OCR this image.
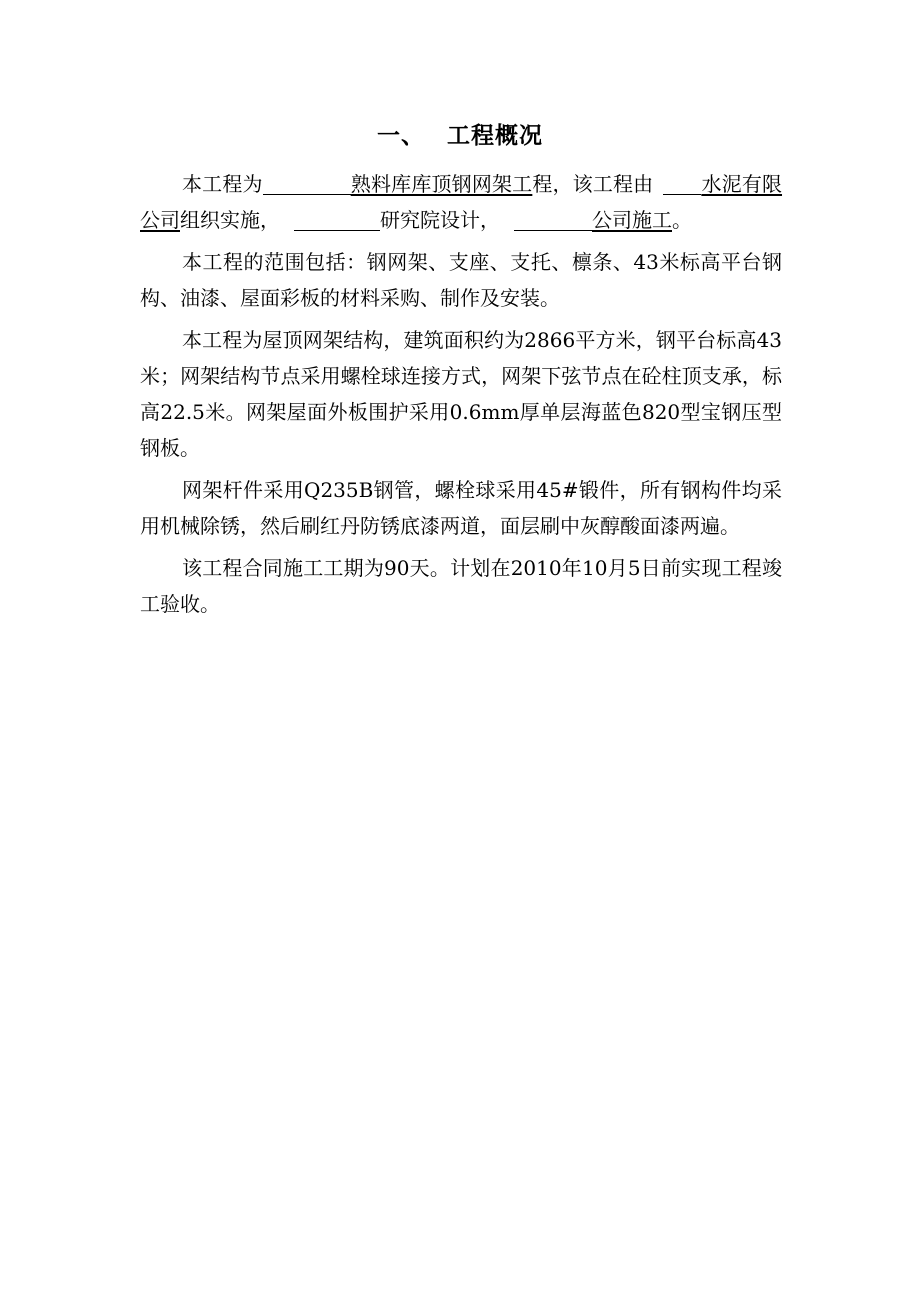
一、 工程概况

本工程为	熟料库库顶钢网架工程，该工程由 水泥有限公司组织实施，	研究院设计，	公司施工。

本工程的范围包括：钢网架、支座、支托、檩条、43米标高平台钢构、油漆、屋面彩板的材料采购、制作及安装。

本工程为屋顶网架结构，建筑面积约为2866平方米，钢平台标高43米；网架结构节点采用螺栓球连接方式，网架下弦节点在砼柱顶支承，标高22.5米。网架屋面外板围护采用0.6mm厚单层海蓝色820型宝钢压型钢板。

网架杆件采用Q235B钢管，螺栓球采用45#锻件，所有钢构件均采用机械除锈，然后刷红丹防锈底漆两道，面层刷中灰醇酸面漆两遍。

该工程合同施工工期为90天。计划在2010年10月5日前实现工程竣工验收。
